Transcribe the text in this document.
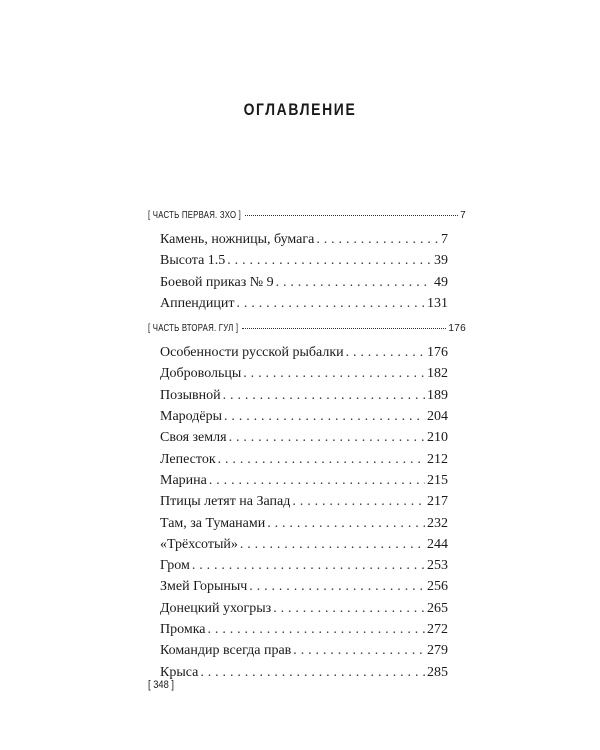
ОГЛАВЛЕНИЕ
[ ЧАСТЬ ПЕРВАЯ. ЗХО ]	7
Камень, ножницы, бумага . . .	7
Высота 1.5 . . .	39
Боевой приказ № 9 . . .	49
Аппендицит . . .	131
[ ЧАСТЬ ВТОРАЯ. ГУЛ ]	176
Особенности русской рыбалки . . .	176
Добровольцы . . .	182
Позывной . . .	189
Мародёры . . .	204
Своя земля . . .	210
Лепесток . . .	212
Марина . . .	215
Птицы летят на Запад . . .	217
Там, за Туманами . . .	232
«Трёхсотый» . . .	244
Гром . . .	253
Змей Горыныч . . .	256
Донецкий ухогрыз . . .	265
Промка . . .	272
Командир всегда прав . . .	279
Крыса . . .	285
[ 348 ]
